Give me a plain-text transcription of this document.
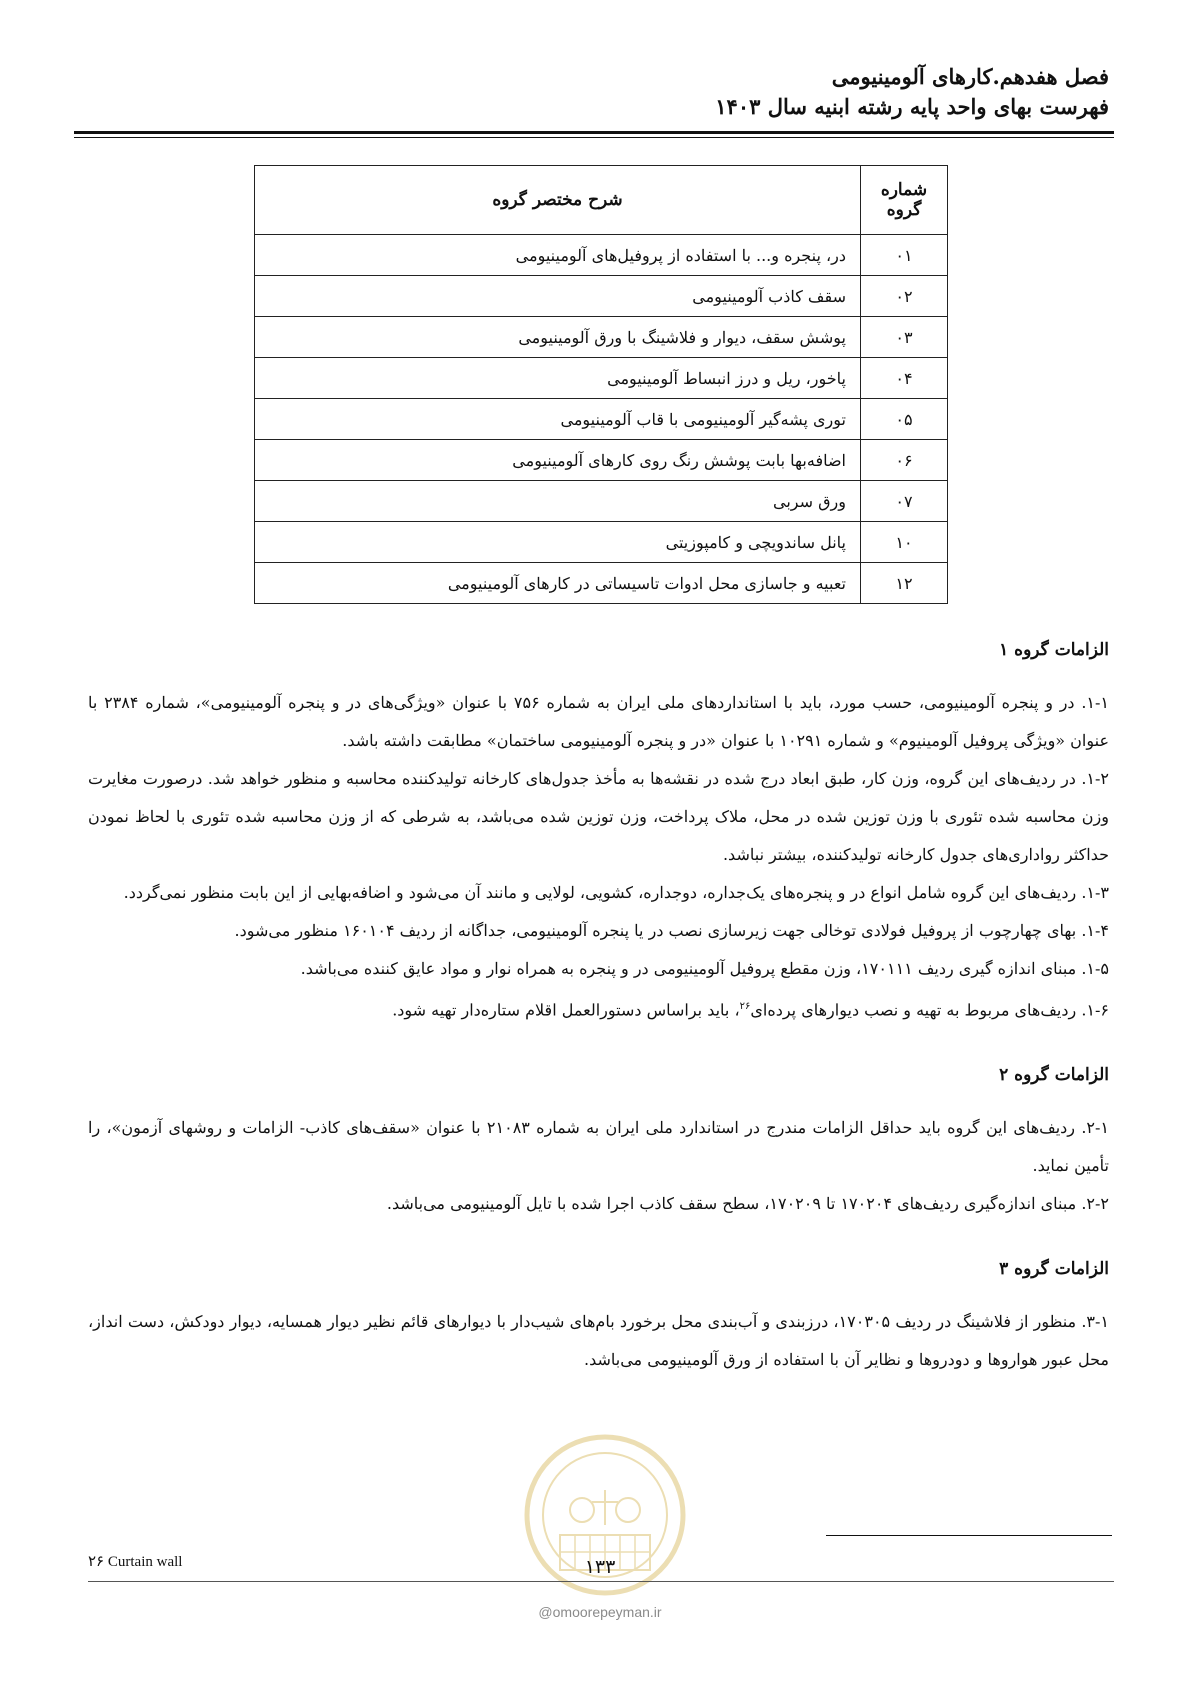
فصل هفدهم.کارهای آلومینیومی
فهرست بهای واحد پایه رشته ابنیه سال ۱۴۰۳
شماره گروه	شرح مختصر گروه
۰۱	در، پنجره و... با استفاده از پروفیل‌های آلومینیومی
۰۲	سقف کاذب آلومینیومی
۰۳	پوشش سقف، دیوار و فلاشینگ با ورق آلومینیومی
۰۴	پاخور، ریل و درز انبساط آلومینیومی
۰۵	توری پشه‌گیر آلومینیومی با قاب آلومینیومی
۰۶	اضافه‌بها بابت پوشش رنگ روی کارهای آلومینیومی
۰۷	ورق سربی
۱۰	پانل ساندویچی و کامپوزیتی
۱۲	تعبیه و جاسازی محل ادوات تاسیساتی در کارهای آلومینیومی
الزامات گروه ۱

۱-۱. در و پنجره آلومینیومی، حسب مورد، باید با استانداردهای ملی ایران به شماره ۷۵۶ با عنوان «ویژگی‌های در و پنجره آلومینیومی»، شماره ۲۳۸۴ با عنوان «ویژگی پروفیل آلومینیوم» و شماره ۱۰۲۹۱ با عنوان «در و پنجره آلومینیومی ساختمان» مطابقت داشته باشد.

۱-۲. در ردیف‌های این گروه، وزن کار، طبق ابعاد درج شده در نقشه‌ها به مأخذ جدول‌های کارخانه تولیدکننده محاسبه و منظور خواهد شد. درصورت مغایرت وزن محاسبه شده تئوری با وزن توزین شده در محل، ملاک پرداخت، وزن توزین شده می‌باشد، به شرطی که از وزن محاسبه شده تئوری با لحاظ نمودن حداکثر رواداری‌های جدول کارخانه تولیدکننده، بیشتر نباشد.

۱-۳. ردیف‌های این گروه شامل انواع در و پنجره‌های یک‌جداره، دوجداره، کشویی، لولایی و مانند آن می‌شود و اضافه‌بهایی از این بابت منظور نمی‌گردد.

۱-۴. بهای چهارچوب از پروفیل فولادی توخالی جهت زیرسازی نصب در یا پنجره آلومینیومی، جداگانه از ردیف ۱۶۰۱۰۴ منظور می‌شود.

۱-۵. مبنای اندازه گیری ردیف ۱۷۰۱۱۱، وزن مقطع پروفیل آلومینیومی در و پنجره به همراه نوار و مواد عایق کننده می‌باشد.

۱-۶. ردیف‌های مربوط به تهیه و نصب دیوارهای پرده‌ای$^{۲۶}$، باید براساس دستورالعمل اقلام ستاره‌دار تهیه شود.

الزامات گروه ۲

۲-۱. ردیف‌های این گروه باید حداقل الزامات مندرج در استاندارد ملی ایران به شماره ۲۱۰۸۳ با عنوان «سقف‌های کاذب- الزامات و روشهای آزمون»، را تأمین نماید.

۲-۲. مبنای اندازه‌گیری ردیف‌های ۱۷۰۲۰۴ تا ۱۷۰۲۰۹، سطح سقف کاذب اجرا شده با تایل آلومینیومی می‌باشد.

الزامات گروه ۳

۳-۱. منظور از فلاشینگ در ردیف ۱۷۰۳۰۵، درزبندی و آب‌بندی محل برخورد بام‌های شیب‌دار با دیوارهای قائم نظیر دیوار همسایه، دیوار دودکش، دست انداز، محل عبور هواروها و دودروها و نظایر آن با استفاده از ورق آلومینیومی می‌باشد.

۲۶ Curtain wall	۱۳۳
@omoorepeyman.ir
